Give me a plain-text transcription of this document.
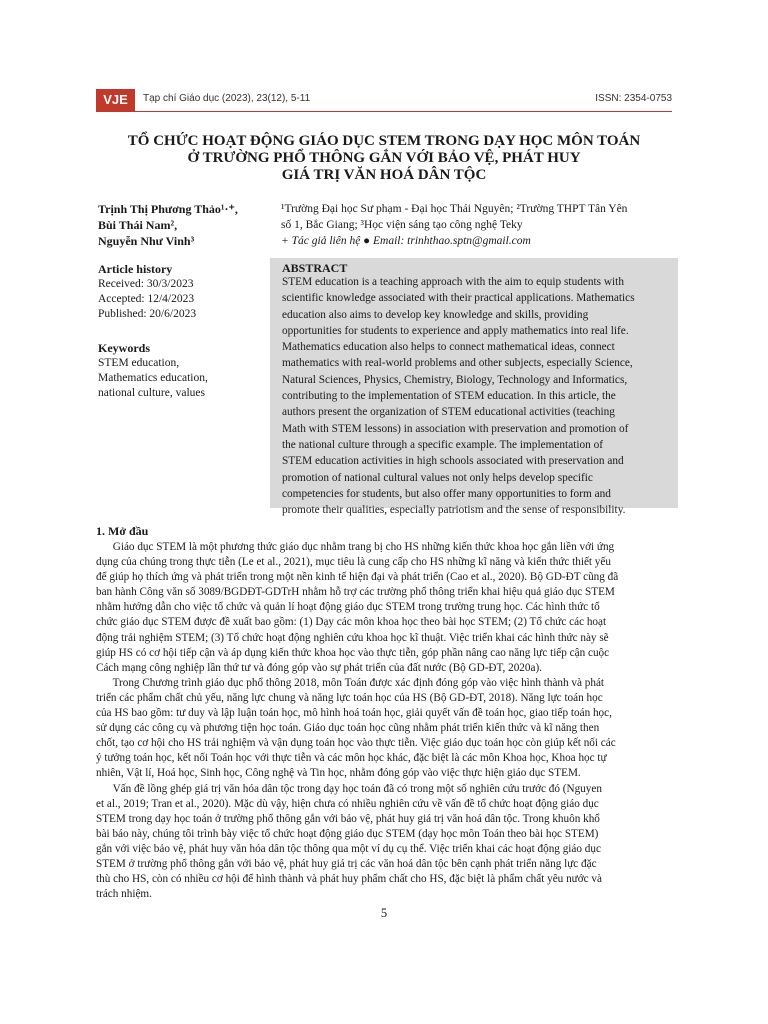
VJE	Tạp chí Giáo dục (2023), 23(12), 5-11	ISSN: 2354-0753
TỔ CHỨC HOẠT ĐỘNG GIÁO DỤC STEM TRONG DẠY HỌC MÔN TOÁN
Ở TRƯỜNG PHỔ THÔNG GẮN VỚI BẢO VỆ, PHÁT HUY
GIÁ TRỊ VĂN HOÁ DÂN TỘC
Trịnh Thị Phương Thảo¹·⁺,
Bùi Thái Nam²,
Nguyễn Như Vinh³
¹Trường Đại học Sư phạm - Đại học Thái Nguyên; ²Trường THPT Tân Yên
số 1, Bắc Giang; ³Học viện sáng tạo công nghệ Teky
+ Tác giả liên hệ ● Email: trinhthao.sptn@gmail.com
Article history
Received: 30/3/2023
Accepted: 12/4/2023
Published: 20/6/2023
Keywords
STEM education,
Mathematics education,
national culture, values
ABSTRACT
STEM education is a teaching approach with the aim to equip students with
scientific knowledge associated with their practical applications. Mathematics
education also aims to develop key knowledge and skills, providing
opportunities for students to experience and apply mathematics into real life.
Mathematics education also helps to connect mathematical ideas, connect
mathematics with real-world problems and other subjects, especially Science,
Natural Sciences, Physics, Chemistry, Biology, Technology and Informatics,
contributing to the implementation of STEM education. In this article, the
authors present the organization of STEM educational activities (teaching
Math with STEM lessons) in association with preservation and promotion of
the national culture through a specific example. The implementation of
STEM education activities in high schools associated with preservation and
promotion of national cultural values not only helps develop specific
competencies for students, but also offer many opportunities to form and
promote their qualities, especially patriotism and the sense of responsibility.
1. Mở đầu
Giáo dục STEM là một phương thức giáo dục nhằm trang bị cho HS những kiến thức khoa học gắn liền với ứng
dụng của chúng trong thực tiễn (Le et al., 2021), mục tiêu là cung cấp cho HS những kĩ năng và kiến thức thiết yếu
để giúp họ thích ứng và phát triển trong một nền kinh tế hiện đại và phát triển (Cao et al., 2020). Bộ GD-ĐT cũng đã
ban hành Công văn số 3089/BGDĐT-GDTrH nhằm hỗ trợ các trường phổ thông triển khai hiệu quả giáo dục STEM
nhằm hướng dẫn cho việc tổ chức và quản lí hoạt động giáo dục STEM trong trường trung học. Các hình thức tổ
chức giáo dục STEM được đề xuất bao gồm: (1) Dạy các môn khoa học theo bài học STEM; (2) Tổ chức các hoạt
động trải nghiệm STEM; (3) Tổ chức hoạt động nghiên cứu khoa học kĩ thuật. Việc triển khai các hình thức này sẽ
giúp HS có cơ hội tiếp cận và áp dụng kiến thức khoa học vào thực tiễn, góp phần nâng cao năng lực tiếp cận cuộc
Cách mạng công nghiệp lần thứ tư và đóng góp vào sự phát triển của đất nước (Bộ GD-ĐT, 2020a).
Trong Chương trình giáo dục phổ thông 2018, môn Toán được xác định đóng góp vào việc hình thành và phát
triển các phẩm chất chủ yếu, năng lực chung và năng lực toán học của HS (Bộ GD-ĐT, 2018). Năng lực toán học
của HS bao gồm: tư duy và lập luận toán học, mô hình hoá toán học, giải quyết vấn đề toán học, giao tiếp toán học,
sử dụng các công cụ và phương tiện học toán. Giáo dục toán học cũng nhằm phát triển kiến thức và kĩ năng then
chốt, tạo cơ hội cho HS trải nghiệm và vận dụng toán học vào thực tiễn. Việc giáo dục toán học còn giúp kết nối các
ý tưởng toán học, kết nối Toán học với thực tiễn và các môn học khác, đặc biệt là các môn Khoa học, Khoa học tự
nhiên, Vật lí, Hoá học, Sinh học, Công nghệ và Tin học, nhằm đóng góp vào việc thực hiện giáo dục STEM.
Vấn đề lồng ghép giá trị văn hóa dân tộc trong dạy học toán đã có trong một số nghiên cứu trước đó (Nguyen
et al., 2019; Tran et al., 2020). Mặc dù vậy, hiện chưa có nhiều nghiên cứu về vấn đề tổ chức hoạt động giáo dục
STEM trong dạy học toán ở trường phổ thông gắn với bảo vệ, phát huy giá trị văn hoá dân tộc. Trong khuôn khổ
bài báo này, chúng tôi trình bày việc tổ chức hoạt động giáo dục STEM (dạy học môn Toán theo bài học STEM)
gắn với việc bảo vệ, phát huy văn hóa dân tộc thông qua một ví dụ cụ thể. Việc triển khai các hoạt động giáo dục
STEM ở trường phổ thông gắn với bảo vệ, phát huy giá trị các văn hoá dân tộc bên cạnh phát triển năng lực đặc
thù cho HS, còn có nhiều cơ hội để hình thành và phát huy phẩm chất cho HS, đặc biệt là phẩm chất yêu nước và
trách nhiệm.
5
